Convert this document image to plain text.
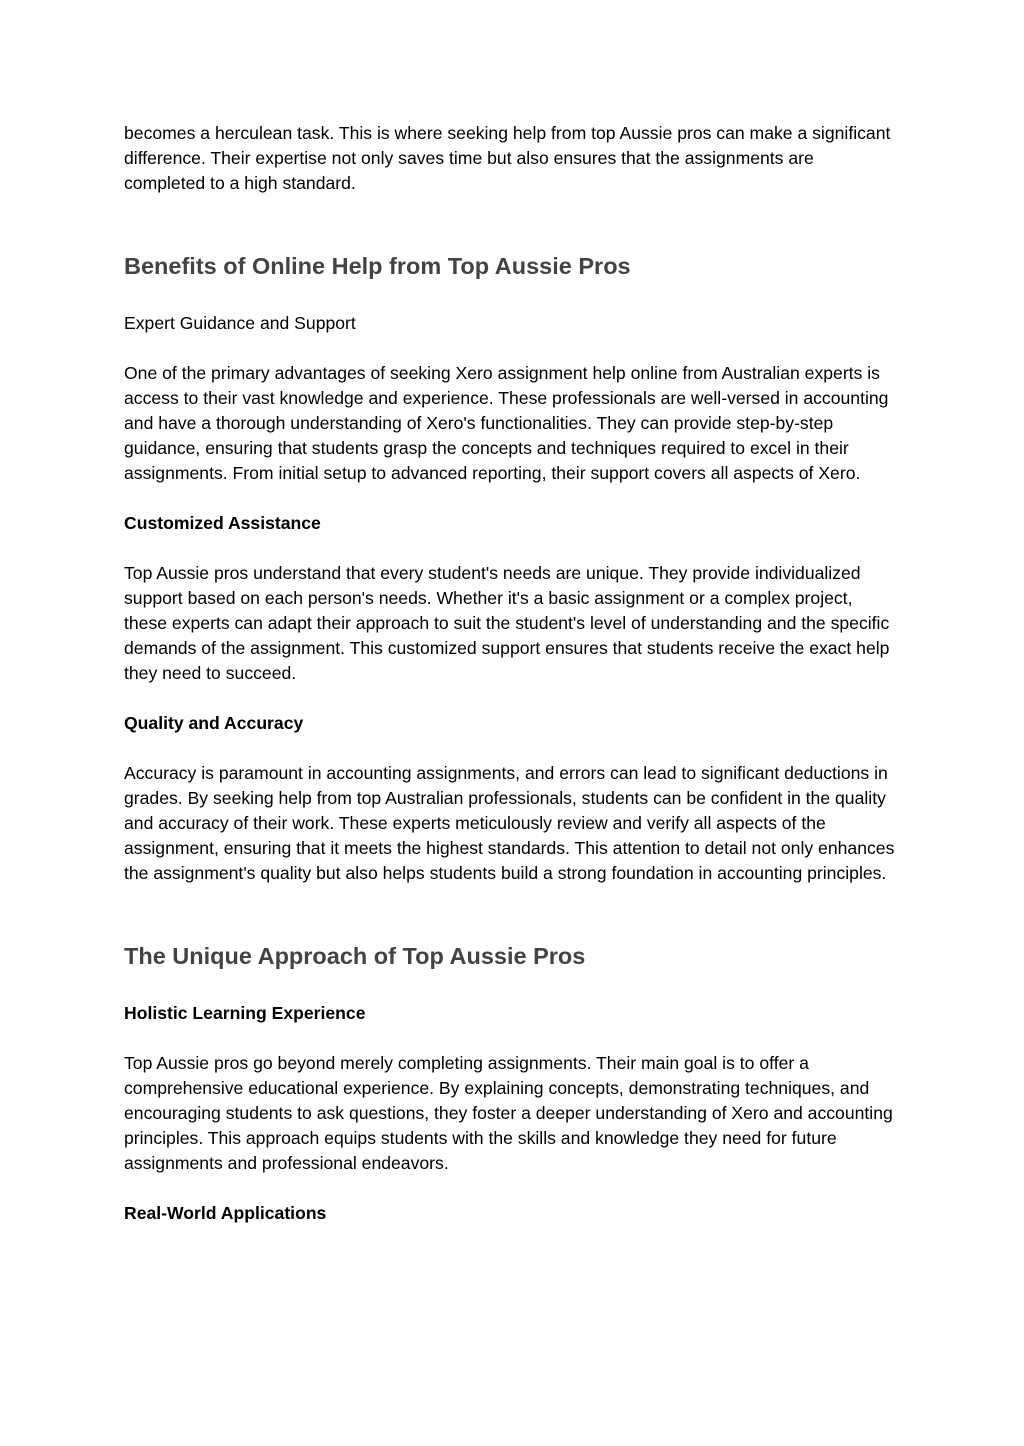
becomes a herculean task. This is where seeking help from top Aussie pros can make a significant difference. Their expertise not only saves time but also ensures that the assignments are completed to a high standard.

Benefits of Online Help from Top Aussie Pros

Expert Guidance and Support

One of the primary advantages of seeking Xero assignment help online from Australian experts is access to their vast knowledge and experience. These professionals are well-versed in accounting and have a thorough understanding of Xero's functionalities. They can provide step-by-step guidance, ensuring that students grasp the concepts and techniques required to excel in their assignments. From initial setup to advanced reporting, their support covers all aspects of Xero.

Customized Assistance

Top Aussie pros understand that every student's needs are unique. They provide individualized support based on each person's needs. Whether it's a basic assignment or a complex project, these experts can adapt their approach to suit the student's level of understanding and the specific demands of the assignment. This customized support ensures that students receive the exact help they need to succeed.

Quality and Accuracy

Accuracy is paramount in accounting assignments, and errors can lead to significant deductions in grades. By seeking help from top Australian professionals, students can be confident in the quality and accuracy of their work. These experts meticulously review and verify all aspects of the assignment, ensuring that it meets the highest standards. This attention to detail not only enhances the assignment's quality but also helps students build a strong foundation in accounting principles.

The Unique Approach of Top Aussie Pros
Holistic Learning Experience

Top Aussie pros go beyond merely completing assignments. Their main goal is to offer a comprehensive educational experience. By explaining concepts, demonstrating techniques, and encouraging students to ask questions, they foster a deeper understanding of Xero and accounting principles. This approach equips students with the skills and knowledge they need for future assignments and professional endeavors.

Real-World Applications
